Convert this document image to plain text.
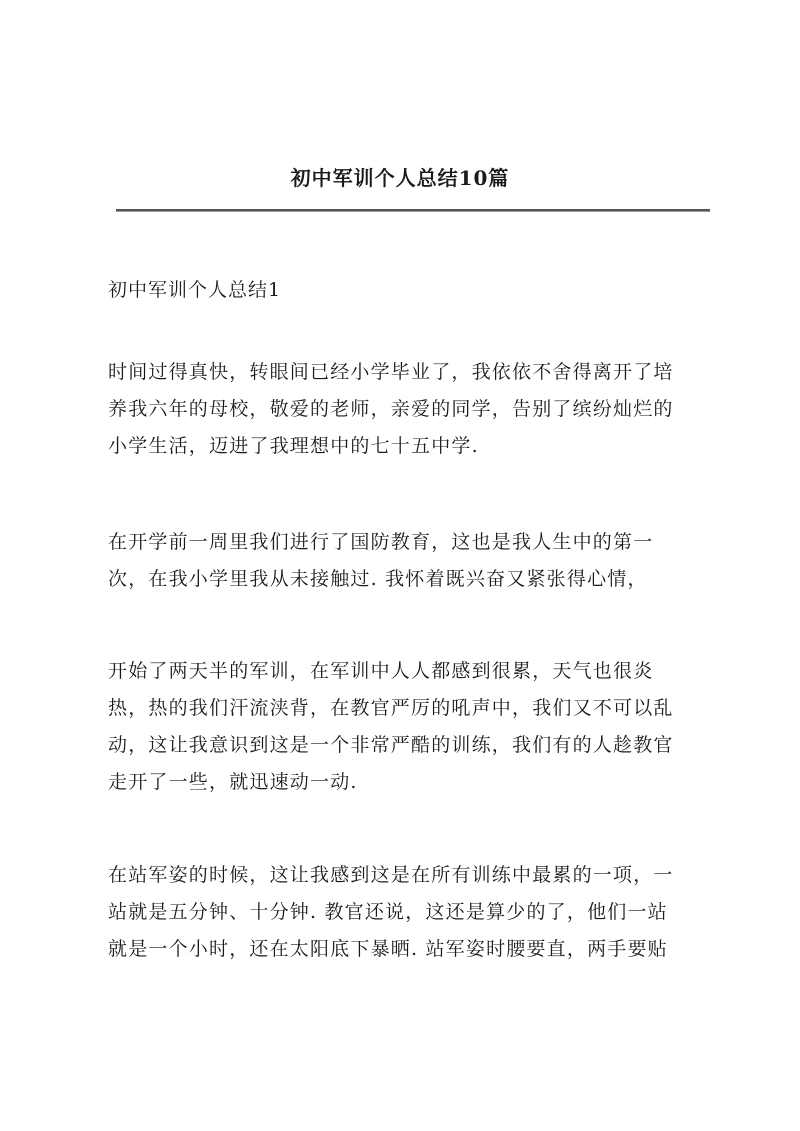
初中军训个人总结10篇
初中军训个人总结1

时间过得真快，转眼间已经小学毕业了，我依依不舍得离开了培
养我六年的母校，敬爱的老师，亲爱的同学，告别了缤纷灿烂的
小学生活，迈进了我理想中的七十五中学.

在开学前一周里我们进行了国防教育，这也是我人生中的第一
次，在我小学里我从未接触过. 我怀着既兴奋又紧张得心情，

开始了两天半的军训，在军训中人人都感到很累，天气也很炎
热，热的我们汗流浃背，在教官严厉的吼声中，我们又不可以乱
动，这让我意识到这是一个非常严酷的训练，我们有的人趁教官
走开了一些，就迅速动一动.

在站军姿的时候，这让我感到这是在所有训练中最累的一项，一
站就是五分钟、十分钟. 教官还说，这还是算少的了，他们一站
就是一个小时，还在太阳底下暴晒. 站军姿时腰要直，两手要贴
